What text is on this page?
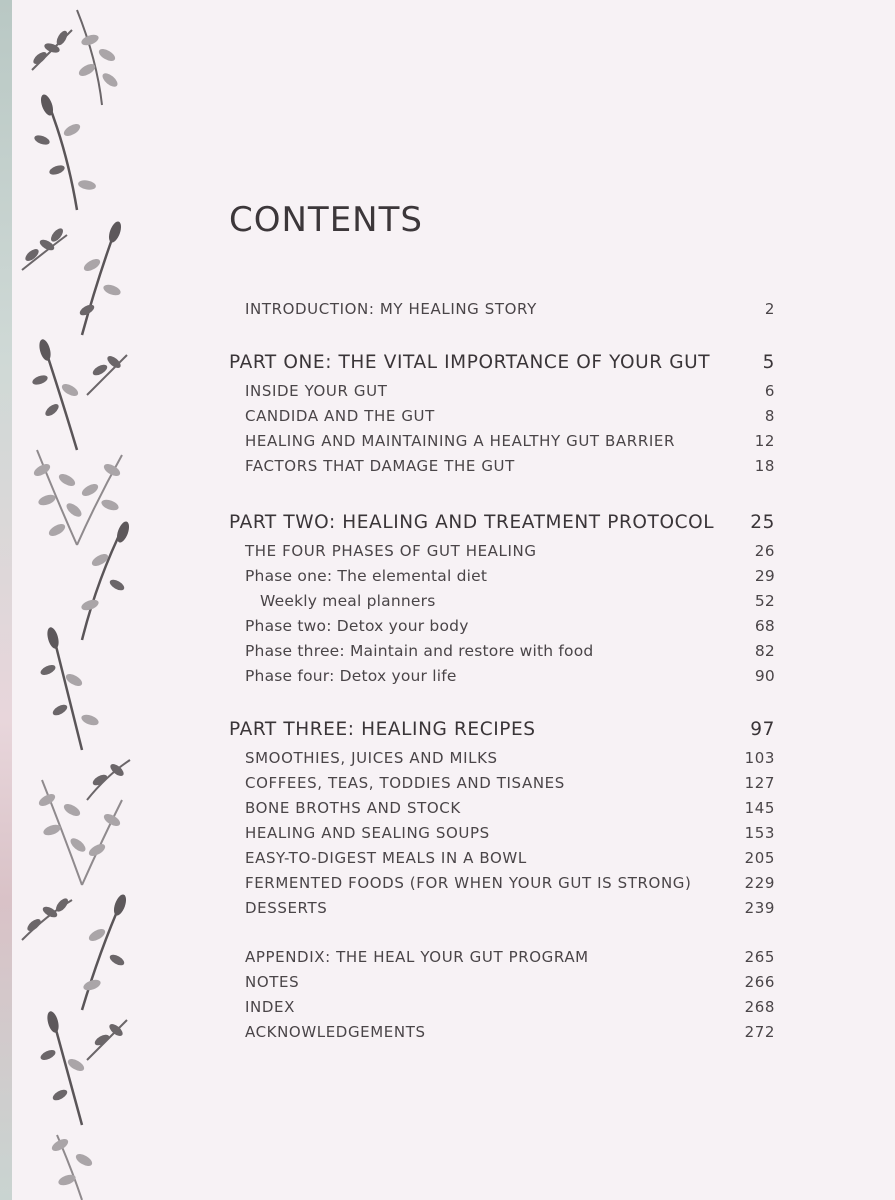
CONTENTS
INTRODUCTION: MY HEALING STORY	2
PART ONE: THE VITAL IMPORTANCE OF YOUR GUT	5
INSIDE YOUR GUT	6
CANDIDA AND THE GUT	8
HEALING AND MAINTAINING A HEALTHY GUT BARRIER	12
FACTORS THAT DAMAGE THE GUT	18
PART TWO: HEALING AND TREATMENT PROTOCOL 25
THE FOUR PHASES OF GUT HEALING	26
Phase one: The elemental diet	29
Weekly meal planners	52
Phase two: Detox your body	68
Phase three: Maintain and restore with food	82
Phase four: Detox your life	90
PART THREE: HEALING RECIPES	97
SMOOTHIES, JUICES AND MILKS	103
COFFEES, TEAS, TODDIES AND TISANES	127
BONE BROTHS AND STOCK	145
HEALING AND SEALING SOUPS	153
EASY-TO-DIGEST MEALS IN A BOWL	205
FERMENTED FOODS (FOR WHEN YOUR GUT IS STRONG)	229
DESSERTS	239
APPENDIX: THE HEAL YOUR GUT PROGRAM	265
NOTES	266
INDEX	268
ACKNOWLEDGEMENTS	272
